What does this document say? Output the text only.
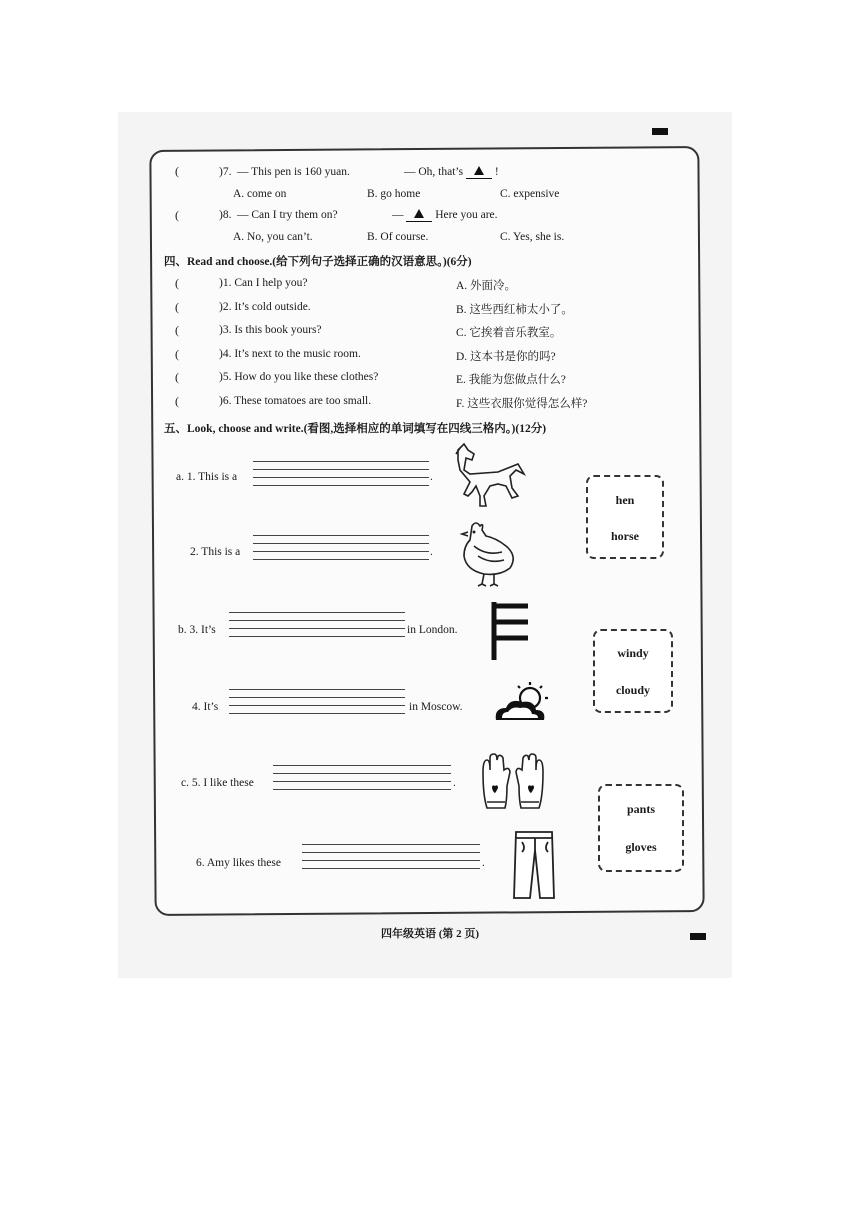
(	)7. — This pen is 160 yuan.	— Oh, that’s	!
A. come on	B. go home	C. expensive
(	)8. — Can I try them on?	—	Here you are.
A. No, you can’t.	B. Of course.	C. Yes, she is.
四、Read and choose.(给下列句子选择正确的汉语意思。)(6分)
(	)1. Can I help you?	A. 外面冷。
(	)2. It’s cold outside.	B. 这些西红柿太小了。
(	)3. Is this book yours?	C. 它挨着音乐教室。
(	)4. It’s next to the music room.	D. 这本书是你的吗?
(	)5. How do you like these clothes?	E. 我能为您做点什么?
(	)6. These tomatoes are too small.	F. 这些衣服你觉得怎么样?
五、Look, choose and write.(看图,选择相应的单词填写在四线三格内。)(12分)
a. 1. This is a	.
2. This is a	.
hen
horse
b. 3. It’s	in London.
4. It’s	in Moscow.
windy
cloudy
c. 5. I like these	.
6. Amy likes these	.
pants
gloves
四年级英语 (第 2 页)
